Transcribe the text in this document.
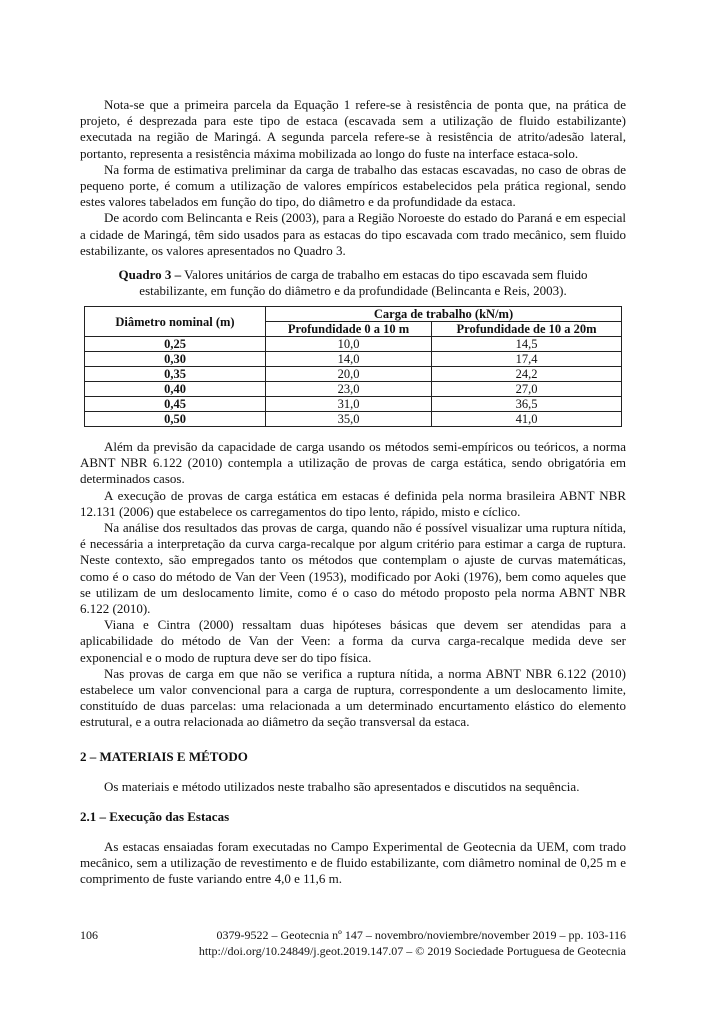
Nota-se que a primeira parcela da Equação 1 refere-se à resistência de ponta que, na prática de projeto, é desprezada para este tipo de estaca (escavada sem a utilização de fluido estabilizante) executada na região de Maringá. A segunda parcela refere-se à resistência de atrito/adesão lateral, portanto, representa a resistência máxima mobilizada ao longo do fuste na interface estaca-solo.

Na forma de estimativa preliminar da carga de trabalho das estacas escavadas, no caso de obras de pequeno porte, é comum a utilização de valores empíricos estabelecidos pela prática regional, sendo estes valores tabelados em função do tipo, do diâmetro e da profundidade da estaca.

De acordo com Belincanta e Reis (2003), para a Região Noroeste do estado do Paraná e em especial a cidade de Maringá, têm sido usados para as estacas do tipo escavada com trado mecânico, sem fluido estabilizante, os valores apresentados no Quadro 3.

Quadro 3 – Valores unitários de carga de trabalho em estacas do tipo escavada sem fluido estabilizante, em função do diâmetro e da profundidade (Belincanta e Reis, 2003).
Diâmetro nominal (m)	Carga de trabalho (kN/m)	
	Profundidade 0 a 10 m	Profundidade de 10 a 20m
0,25	10,0	14,5
0,30	14,0	17,4
0,35	20,0	24,2
0,40	23,0	27,0
0,45	31,0	36,5
0,50	35,0	41,0

Além da previsão da capacidade de carga usando os métodos semi-empíricos ou teóricos, a norma ABNT NBR 6.122 (2010) contempla a utilização de provas de carga estática, sendo obrigatória em determinados casos.

A execução de provas de carga estática em estacas é definida pela norma brasileira ABNT NBR 12.131 (2006) que estabelece os carregamentos do tipo lento, rápido, misto e cíclico.

Na análise dos resultados das provas de carga, quando não é possível visualizar uma ruptura nítida, é necessária a interpretação da curva carga-recalque por algum critério para estimar a carga de ruptura. Neste contexto, são empregados tanto os métodos que contemplam o ajuste de curvas matemáticas, como é o caso do método de Van der Veen (1953), modificado por Aoki (1976), bem como aqueles que se utilizam de um deslocamento limite, como é o caso do método proposto pela norma ABNT NBR 6.122 (2010).

Viana e Cintra (2000) ressaltam duas hipóteses básicas que devem ser atendidas para a aplicabilidade do método de Van der Veen: a forma da curva carga-recalque medida deve ser exponencial e o modo de ruptura deve ser do tipo física.

Nas provas de carga em que não se verifica a ruptura nítida, a norma ABNT NBR 6.122 (2010) estabelece um valor convencional para a carga de ruptura, correspondente a um deslocamento limite, constituído de duas parcelas: uma relacionada a um determinado encurtamento elástico do elemento estrutural, e a outra relacionada ao diâmetro da seção transversal da estaca.

2 – MATERIAIS E MÉTODO

Os materiais e método utilizados neste trabalho são apresentados e discutidos na sequência.

2.1 – Execução das Estacas

As estacas ensaiadas foram executadas no Campo Experimental de Geotecnia da UEM, com trado mecânico, sem a utilização de revestimento e de fluido estabilizante, com diâmetro nominal de 0,25 m e comprimento de fuste variando entre 4,0 e 11,6 m.

106	0379-9522 – Geotecnia nº 147 – novembro/noviembre/november 2019 – pp. 103-116
http://doi.org/10.24849/j.geot.2019.147.07 – © 2019 Sociedade Portuguesa de Geotecnia
